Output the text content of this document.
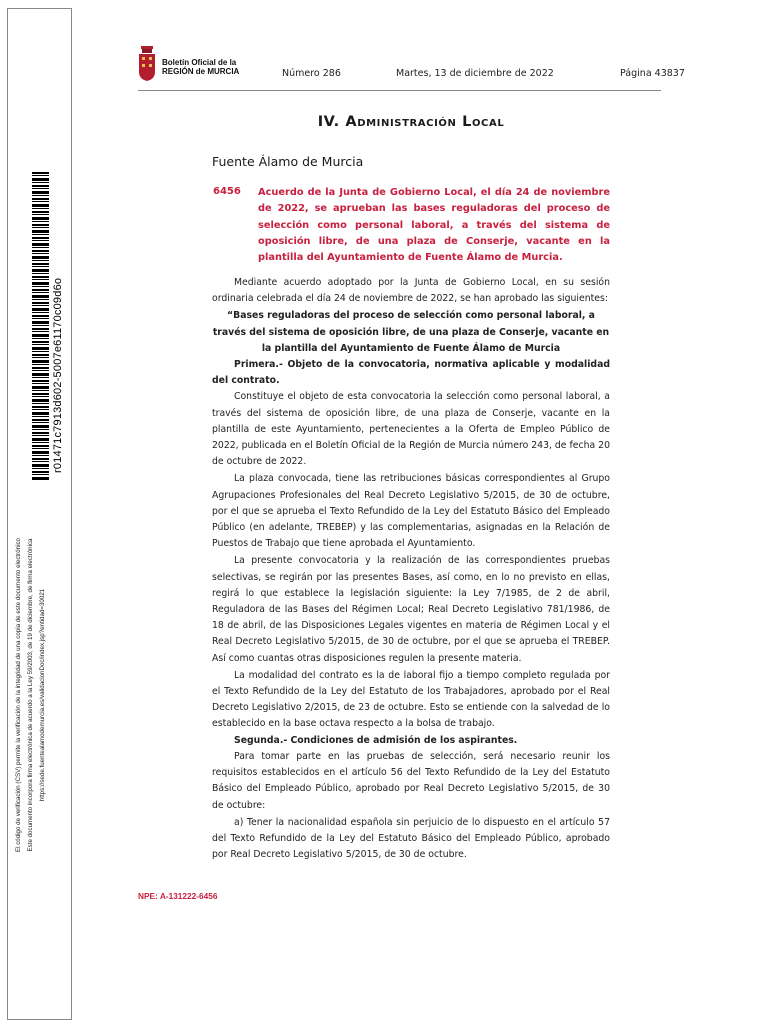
r01471c7913d602-5007e61170c09d6o
El código de verificación (CSV) permite la verificación de la integridad de una copia de este documento electrónico Este documento incorpora firma electrónica de acuerdo a la Ley 59/2003, de 19 de diciembre, de firma electrónica https://sede.fuentealamodemurcia.es/validacionDoc/index.jsp?entidad=30021
Boletín Oficial de la
REGIÓN de MURCIA	Número 286	Martes, 13 de diciembre de 2022	Página 43837
IV. Administración Local
Fuente Álamo de Murcia
6456 Acuerdo de la Junta de Gobierno Local, el día 24 de noviembre de 2022, se aprueban las bases reguladoras del proceso de selección como personal laboral, a través del sistema de oposición libre, de una plaza de Conserje, vacante en la plantilla del Ayuntamiento de Fuente Álamo de Murcia.

Mediante acuerdo adoptado por la Junta de Gobierno Local, en su sesión ordinaria celebrada el día 24 de noviembre de 2022, se han aprobado las siguientes:

“Bases reguladoras del proceso de selección como personal laboral, a través del sistema de oposición libre, de una plaza de Conserje, vacante en la plantilla del Ayuntamiento de Fuente Álamo de Murcia

Primera.- Objeto de la convocatoria, normativa aplicable y modalidad del contrato.

Constituye el objeto de esta convocatoria la selección como personal laboral, a través del sistema de oposición libre, de una plaza de Conserje, vacante en la plantilla de este Ayuntamiento, pertenecientes a la Oferta de Empleo Público de 2022, publicada en el Boletín Oficial de la Región de Murcia número 243, de fecha 20 de octubre de 2022.

La plaza convocada, tiene las retribuciones básicas correspondientes al Grupo Agrupaciones Profesionales del Real Decreto Legislativo 5/2015, de 30 de octubre, por el que se aprueba el Texto Refundido de la Ley del Estatuto Básico del Empleado Público (en adelante, TREBEP) y las complementarias, asignadas en la Relación de Puestos de Trabajo que tiene aprobada el Ayuntamiento.

La presente convocatoria y la realización de las correspondientes pruebas selectivas, se regirán por las presentes Bases, así como, en lo no previsto en ellas, regirá lo que establece la legislación siguiente: la Ley 7/1985, de 2 de abril, Reguladora de las Bases del Régimen Local; Real Decreto Legislativo 781/1986, de 18 de abril, de las Disposiciones Legales vigentes en materia de Régimen Local y el Real Decreto Legislativo 5/2015, de 30 de octubre, por el que se aprueba el TREBEP. Así como cuantas otras disposiciones regulen la presente materia.

La modalidad del contrato es la de laboral fijo a tiempo completo regulada por el Texto Refundido de la Ley del Estatuto de los Trabajadores, aprobado por el Real Decreto Legislativo 2/2015, de 23 de octubre. Esto se entiende con la salvedad de lo establecido en la base octava respecto a la bolsa de trabajo.

Segunda.- Condiciones de admisión de los aspirantes.

Para tomar parte en las pruebas de selección, será necesario reunir los requisitos establecidos en el artículo 56 del Texto Refundido de la Ley del Estatuto Básico del Empleado Público, aprobado por Real Decreto Legislativo 5/2015, de 30 de octubre:

a) Tener la nacionalidad española sin perjuicio de lo dispuesto en el artículo 57 del Texto Refundido de la Ley del Estatuto Básico del Empleado Público, aprobado por Real Decreto Legislativo 5/2015, de 30 de octubre.

NPE: A-131222-6456
